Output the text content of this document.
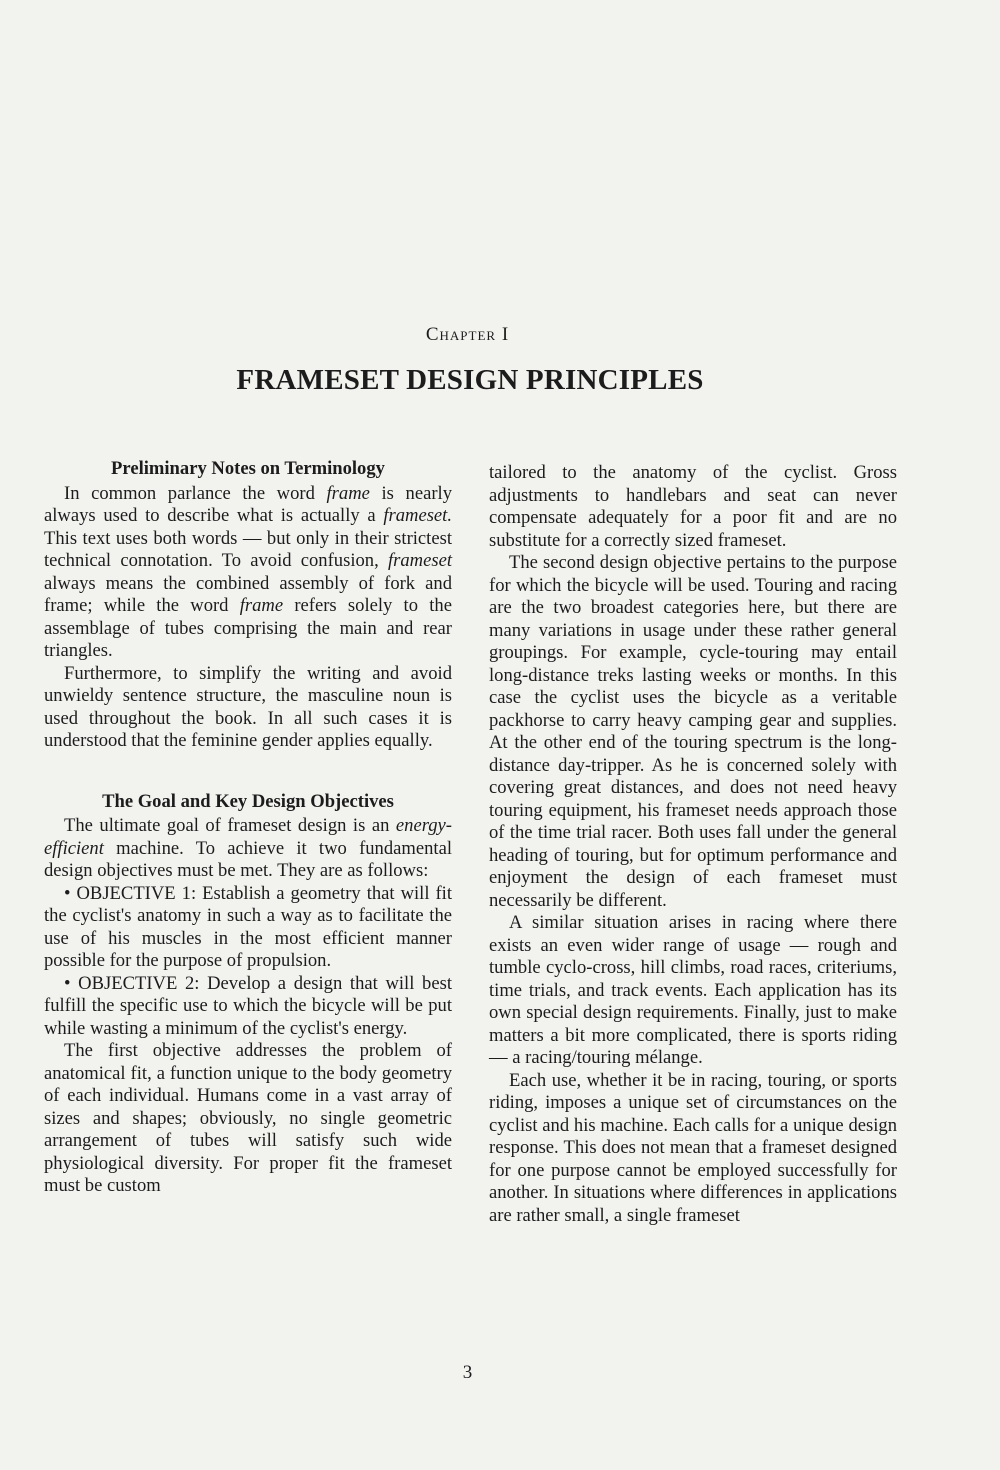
Chapter I
FRAMESET DESIGN PRINCIPLES
Preliminary Notes on Terminology

In common parlance the word frame is nearly always used to describe what is actually a frameset. This text uses both words — but only in their strictest technical connotation. To avoid confusion, frameset always means the combined assembly of fork and frame; while the word frame refers solely to the assemblage of tubes comprising the main and rear triangles.

Furthermore, to simplify the writing and avoid unwieldy sentence structure, the masculine noun is used throughout the book. In all such cases it is understood that the feminine gender applies equally.

The Goal and Key Design Objectives

The ultimate goal of frameset design is an energy-efficient machine. To achieve it two fundamental design objectives must be met. They are as follows:

• OBJECTIVE 1: Establish a geometry that will fit the cyclist's anatomy in such a way as to facilitate the use of his muscles in the most efficient manner possible for the purpose of propulsion.

• OBJECTIVE 2: Develop a design that will best fulfill the specific use to which the bicycle will be put while wasting a minimum of the cyclist's energy.

The first objective addresses the problem of anatomical fit, a function unique to the body geometry of each individual. Humans come in a vast array of sizes and shapes; obviously, no single geometric arrangement of tubes will satisfy such wide physiological diversity. For proper fit the frameset must be custom

tailored to the anatomy of the cyclist. Gross adjustments to handlebars and seat can never compensate adequately for a poor fit and are no substitute for a correctly sized frameset.

The second design objective pertains to the purpose for which the bicycle will be used. Touring and racing are the two broadest categories here, but there are many variations in usage under these rather general groupings. For example, cycle-touring may entail long-distance treks lasting weeks or months. In this case the cyclist uses the bicycle as a veritable packhorse to carry heavy camping gear and supplies. At the other end of the touring spectrum is the long-distance day-tripper. As he is concerned solely with covering great distances, and does not need heavy touring equipment, his frameset needs approach those of the time trial racer. Both uses fall under the general heading of touring, but for optimum performance and enjoyment the design of each frameset must necessarily be different.

A similar situation arises in racing where there exists an even wider range of usage — rough and tumble cyclo-cross, hill climbs, road races, criteriums, time trials, and track events. Each application has its own special design requirements. Finally, just to make matters a bit more complicated, there is sports riding — a racing/touring mélange.

Each use, whether it be in racing, touring, or sports riding, imposes a unique set of circumstances on the cyclist and his machine. Each calls for a unique design response. This does not mean that a frameset designed for one purpose cannot be employed successfully for another. In situations where differences in applications are rather small, a single frameset

3
